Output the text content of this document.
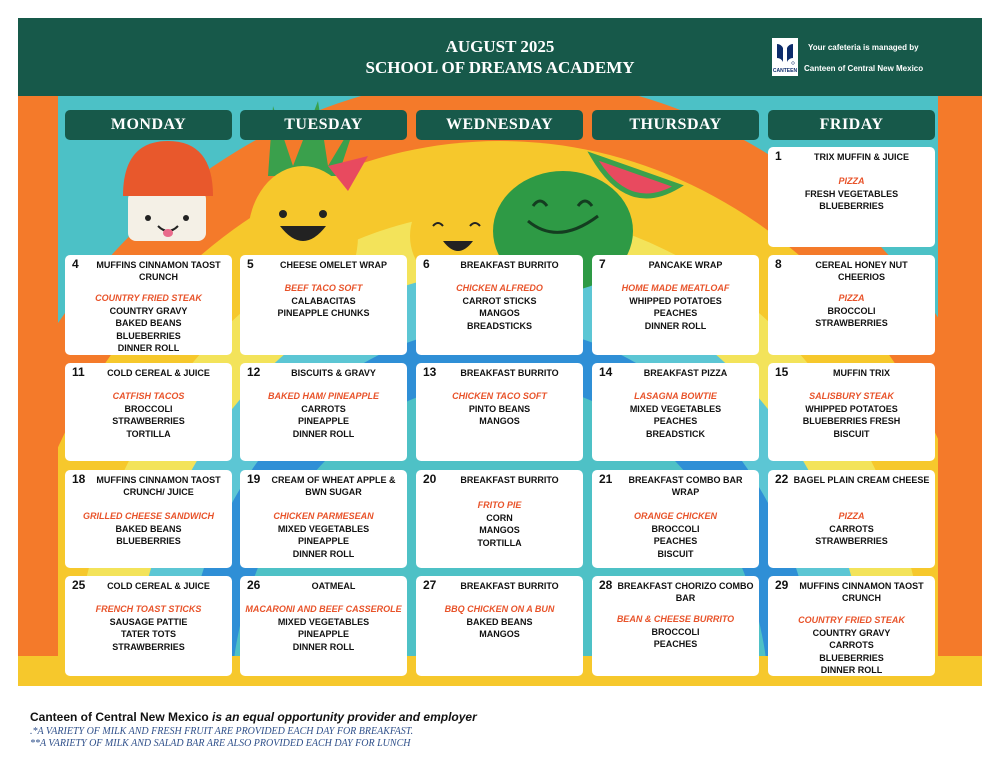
AUGUST 2025
SCHOOL OF DREAMS ACADEMY	CANTEEN
Your cafeteria is managed by
Canteen of Central New Mexico
MONDAY	TUESDAY	WEDNESDAY	THURSDAY	FRIDAY
1	TRIX MUFFIN & JUICE
PIZZA
FRESH VEGETABLES
BLUEBERRIES
4	MUFFINS CINNAMON TAOST CRUNCH
COUNTRY FRIED STEAK
COUNTRY GRAVY
BAKED BEANS
BLUEBERRIES
DINNER ROLL
5	CHEESE OMELET WRAP
BEEF TACO SOFT
CALABACITAS
PINEAPPLE CHUNKS
6	BREAKFAST BURRITO
CHICKEN ALFREDO
CARROT STICKS
MANGOS
BREADSTICKS
7	PANCAKE WRAP
HOME MADE MEATLOAF
WHIPPED POTATOES
PEACHES
DINNER ROLL
8	CEREAL HONEY NUT CHEERIOS
PIZZA
BROCCOLI
STRAWBERRIES
11	COLD CEREAL & JUICE
CATFISH TACOS
BROCCOLI
STRAWBERRIES
TORTILLA
12	BISCUITS & GRAVY
BAKED HAM/ PINEAPPLE
CARROTS
PINEAPPLE
DINNER ROLL
13	BREAKFAST BURRITO
CHICKEN TACO SOFT
PINTO BEANS
MANGOS
14	BREAKFAST PIZZA
LASAGNA BOWTIE
MIXED VEGETABLES
PEACHES
BREADSTICK
15	MUFFIN TRIX
SALISBURY STEAK
WHIPPED POTATOES
BLUEBERRIES FRESH
BISCUIT
18	MUFFINS CINNAMON TAOST CRUNCH/ JUICE
GRILLED CHEESE SANDWICH
BAKED BEANS
BLUEBERRIES
19	CREAM OF WHEAT APPLE & BWN SUGAR
CHICKEN PARMESEAN
MIXED VEGETABLES
PINEAPPLE
DINNER ROLL
20	BREAKFAST BURRITO
FRITO PIE
CORN
MANGOS
TORTILLA
21	BREAKFAST COMBO BAR WRAP
ORANGE CHICKEN
BROCCOLI
PEACHES
BISCUIT
22 BAGEL PLAIN CREAM CHEESE
PIZZA
CARROTS
STRAWBERRIES
25	COLD CEREAL & JUICE
FRENCH TOAST STICKS
SAUSAGE PATTIE
TATER TOTS
STRAWBERRIES
26	OATMEAL
MACARONI AND BEEF CASSEROLE
MIXED VEGETABLES
PINEAPPLE
DINNER ROLL
27	BREAKFAST BURRITO
BBQ CHICKEN ON A BUN
BAKED BEANS
MANGOS
28 BREAKFAST CHORIZO COMBO BAR
BEAN & CHEESE BURRITO
BROCCOLI
PEACHES
29	MUFFINS CINNAMON TAOST CRUNCH
COUNTRY FRIED STEAK
COUNTRY GRAVY
CARROTS
BLUEBERRIES
DINNER ROLL
Canteen of Central New Mexico is an equal opportunity provider and employer
.*A VARIETY OF MILK AND FRESH FRUIT ARE PROVIDED EACH DAY FOR BREAKFAST.
**A VARIETY OF MILK AND SALAD BAR ARE ALSO PROVIDED EACH DAY FOR LUNCH
